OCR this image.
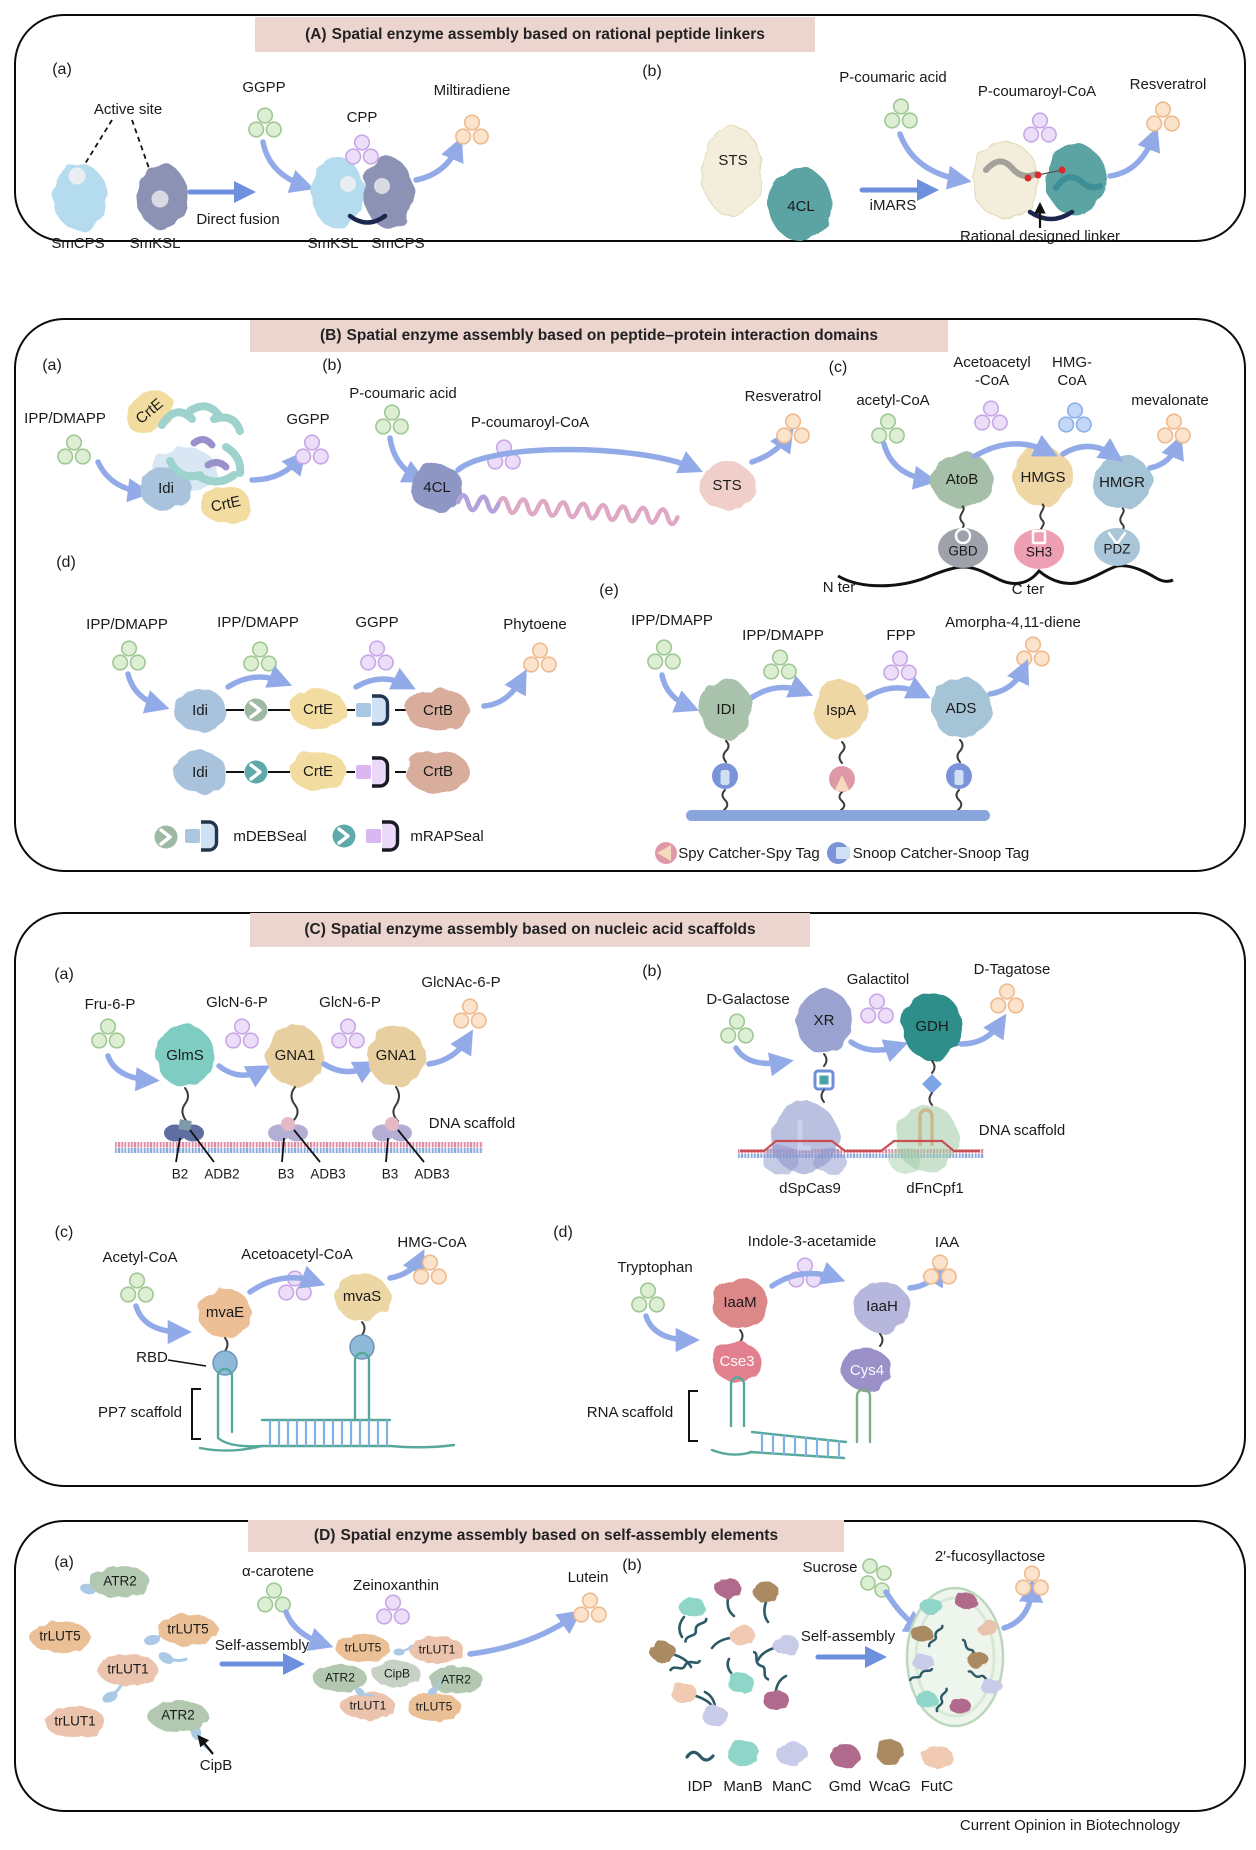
(A) Spatial enzyme assembly based on rational peptide linkers
(B) Spatial enzyme assembly based on peptide–protein interaction domains
(C) Spatial enzyme assembly based on nucleic acid scaffolds
(D) Spatial enzyme assembly based on self-assembly elements
(a)
Active site
SmCPS SmKSL
GGPP
Direct fusion
CPP
SmKSL SmCPS
Miltiradiene
(b)
STS
4CL
P-coumaric acid
iMARS
P-coumaroyl-CoA Resveratrol
Rational designed linker
(a)
IPP/DMAPP CrtE
Idi
CrtE
GGPP
(b)
P-coumaric acid
4CL
P-coumaroyl-CoA
STS
Resveratrol
(c)
acetyl-CoA
Acetoacetyl
-CoA
HMG-
CoA
mevalonate
AtoB	HMGS HMGR
GBD	SH3	PDZ
N ter	C ter
(d)
IPP/DMAPP	IPP/DMAPP	GGPP	Phytoene
Idi	CrtE	CrtB
Idi	CrtE	CrtB
mDEBSeal	mRAPSeal
(e)
IPP/DMAPP
IPP/DMAPP	FPP
Amorpha-4,11-diene
IDI	IspA	ADS
Spy Catcher-Spy Tag Snoop Catcher-Snoop Tag
(a)
Fru-6-P
GlmS
GlcN-6-P
GNA1
GlcN-6-P
GNA1
GlcNAc-6-P
DNA scaffold
B2 ADB2	B3 ADB3	B3 ADB3
(b)
D-Galactose
XR
Galactitol
GDH
D-Tagatose
DNA scaffold
dSpCas9	dFnCpf1
(c)
Acetyl-CoA
mvaE
Acetoacetyl-CoA
mvaS
HMG-CoA
RBD
PP7 scaffold
(d)
Tryptophan
IaaM
Indole-3-acetamide
IaaH
IAA
Cse3
Cys4
RNA scaffold
(a)
ATR2
trLUT5	trLUT5
trLUT1
trLUT1	ATR2
CipB
Self-assembly
α-carotene
Zeinoxanthin	Lutein
trLUT5	trLUT1
ATR2 CipB	ATR2
trLUT1 trLUT5
(b)	Sucrose
Self-assembly
2′-fucosyllactose
IDP ManB ManC Gmd WcaG FutC
Current Opinion in Biotechnology
